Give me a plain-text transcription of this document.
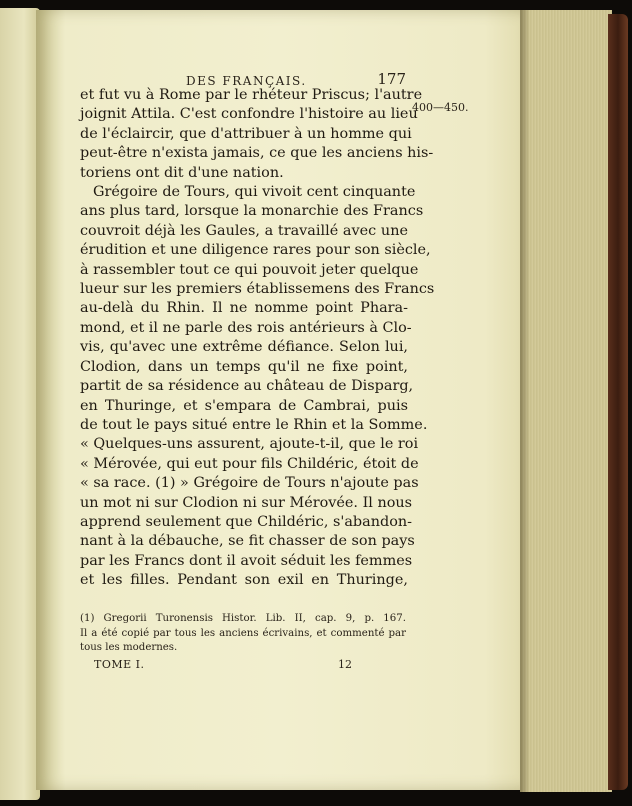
DES FRANÇAIS.	177
400—450.
et fut vu à Rome par le rhéteur Priscus; l'autre
joignit Attila. C'est confondre l'histoire au lieu
de l'éclaircir, que d'attribuer à un homme qui
peut-être n'exista jamais, ce que les anciens his-
toriens ont dit d'une nation.
Grégoire de Tours, qui vivoit cent cinquante
ans plus tard, lorsque la monarchie des Francs
couvroit déjà les Gaules, a travaillé avec une
érudition et une diligence rares pour son siècle,
à rassembler tout ce qui pouvoit jeter quelque
lueur sur les premiers établissemens des Francs
au-delà du Rhin. Il ne nomme point Phara-
mond, et il ne parle des rois antérieurs à Clo-
vis, qu'avec une extrême défiance. Selon lui,
Clodion, dans un temps qu'il ne fixe point,
partit de sa résidence au château de Disparg,
en Thuringe, et s'empara de Cambrai, puis
de tout le pays situé entre le Rhin et la Somme.
« Quelques-uns assurent, ajoute-t-il, que le roi
« Mérovée, qui eut pour fils Childéric, étoit de
« sa race. (1) » Grégoire de Tours n'ajoute pas
un mot ni sur Clodion ni sur Mérovée. Il nous
apprend seulement que Childéric, s'abandon-
nant à la débauche, se fit chasser de son pays
par les Francs dont il avoit séduit les femmes
et les filles. Pendant son exil en Thuringe,
(1) Gregorii Turonensis Histor. Lib. II, cap. 9, p. 167.
Il a été copié par tous les anciens écrivains, et commenté par
tous les modernes.
TOME I.	12
